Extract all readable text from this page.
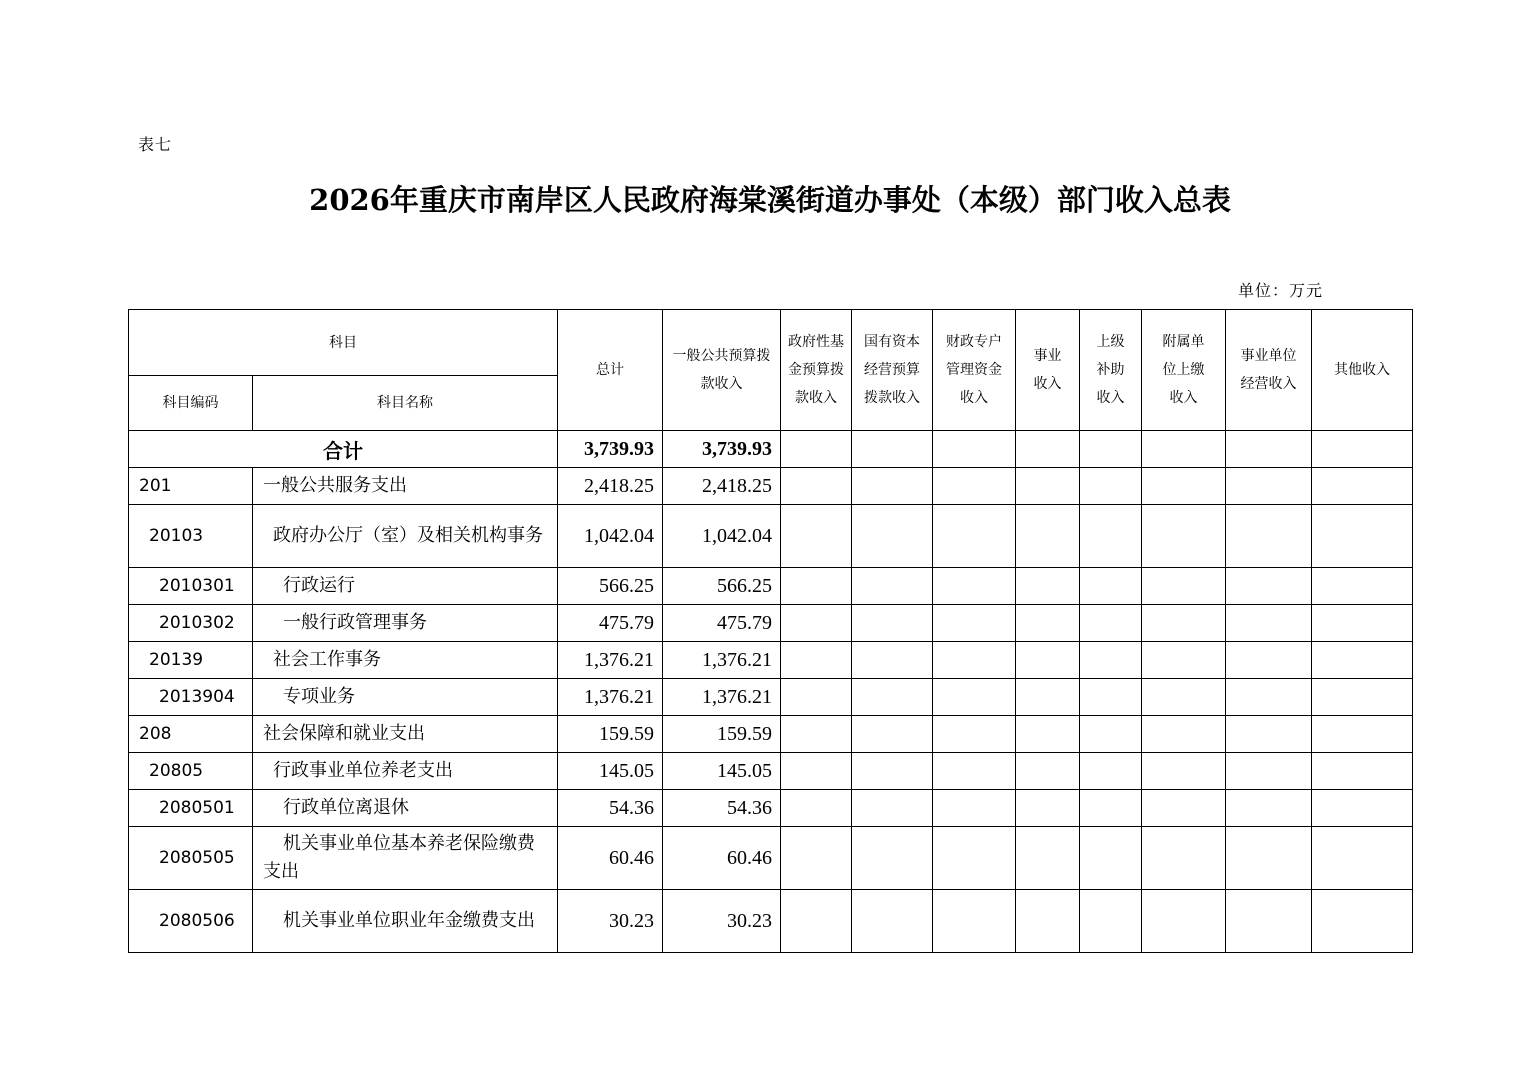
表七
2026年重庆市南岸区人民政府海棠溪街道办事处（本级）部门收入总表
单位：万元
科目		总计	一般公共预算拨款收入	政府性基金预算拨款收入	国有资本经营预算拨款收入	财政专户管理资金收入	事业收入	上级补助收入	附属单位上缴收入	事业单位经营收入	其他收入
科目编码	科目名称										
合计		3,739.93	3,739.93								
201	一般公共服务支出	2,418.25	2,418.25								
20103	政府办公厅（室）及相关机构事务	1,042.04	1,042.04								
2010301	行政运行	566.25	566.25								
2010302	一般行政管理事务	475.79	475.79								
20139	社会工作事务	1,376.21	1,376.21								
2013904	专项业务	1,376.21	1,376.21								
208	社会保障和就业支出	159.59	159.59								
20805	行政事业单位养老支出	145.05	145.05								
2080501	行政单位离退休	54.36	54.36								
2080505	机关事业单位基本养老保险缴费支出	60.46	60.46								
2080506	机关事业单位职业年金缴费支出	30.23	30.23								
